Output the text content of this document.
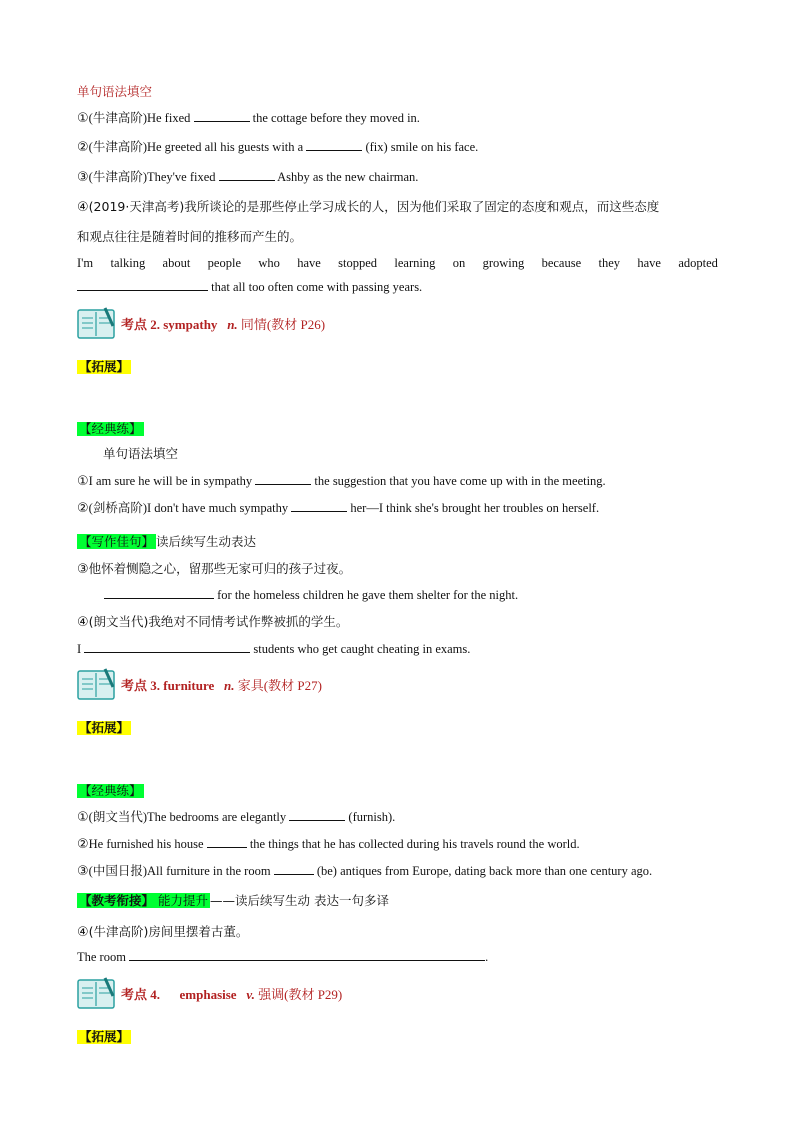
单句语法填空
①(牛津高阶)He fixed	the cottage before they moved in.
②(牛津高阶)He greeted all his guests with a	(fix) smile on his face.
③(牛津高阶)They've fixed	Ashby as the new chairman.
④(2019·天津高考)我所谈论的是那些停止学习成长的人，因为他们采取了固定的态度和观点，而这些态度
和观点往往是随着时间的推移而产生的。
I'm talking about people who have stopped learning on growing because they have adopted
that all too often come with passing years.
考点 2. sympathy n. 同情(教材 P26)
【拓展】
【经典练】
单句语法填空
①I am sure he will be in sympathy	the suggestion that you have come up with in the meeting.
②(剑桥高阶)I don't have much sympathy	her—I think she's brought her troubles on herself.
【写作佳句】 读后续写生动表达
③他怀着恻隐之心，留那些无家可归的孩子过夜。
for the homeless children he gave them shelter for the night.
④(朗文当代)我绝对不同情考试作弊被抓的学生。
I	students who get caught cheating in exams.
考点 3. furniture n. 家具(教材 P27)
【拓展】
【经典练】
①(朗文当代)The bedrooms are elegantly	(furnish).
②He furnished his house	the things that he has collected during his travels round the world.
③(中国日报)All furniture in the room	(be) antiques from Europe, dating back more than one century ago.
【教考衔接】 能力提升 ——读后续写生动 表达一句多译
④(牛津高阶)房间里摆着古董。
The room	.
考点 4. emphasise v. 强调(教材 P29)
【拓展】
